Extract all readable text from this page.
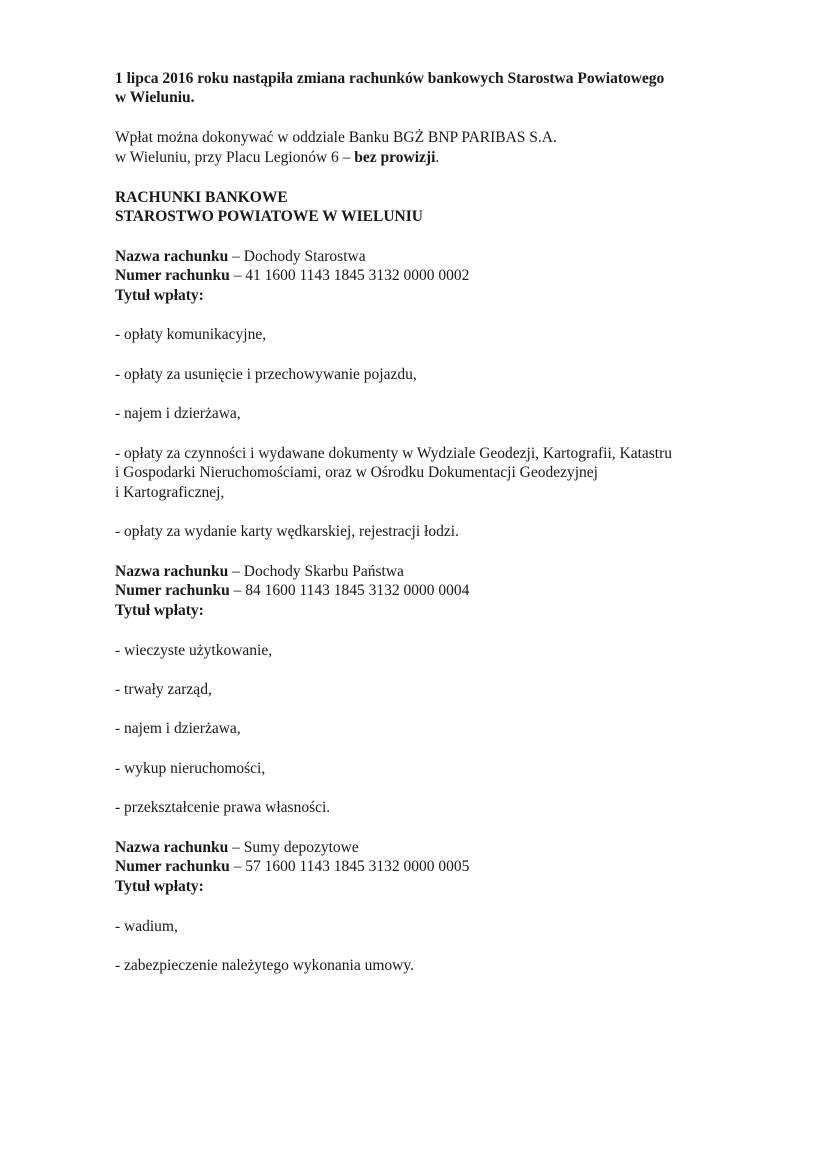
1 lipca 2016 roku nastąpiła zmiana rachunków bankowych Starostwa Powiatowego
w Wieluniu.
Wpłat można dokonywać w oddziale Banku BGŻ BNP PARIBAS S.A.
w Wieluniu, przy Placu Legionów 6 – bez prowizji.
RACHUNKI BANKOWE
STAROSTWO POWIATOWE W WIELUNIU
Nazwa rachunku – Dochody Starostwa
Numer rachunku – 41 1600 1143 1845 3132 0000 0002
Tytuł wpłaty:
- opłaty komunikacyjne,
- opłaty za usunięcie i przechowywanie pojazdu,
- najem i dzierżawa,
- opłaty za czynności i wydawane dokumenty w Wydziale Geodezji, Kartografii, Katastru
i Gospodarki Nieruchomościami, oraz w Ośrodku Dokumentacji Geodezyjnej
i Kartograficznej,
- opłaty za wydanie karty wędkarskiej, rejestracji łodzi.
Nazwa rachunku – Dochody Skarbu Państwa
Numer rachunku – 84 1600 1143 1845 3132 0000 0004
Tytuł wpłaty:
- wieczyste użytkowanie,
- trwały zarząd,
- najem i dzierżawa,
- wykup nieruchomości,
- przekształcenie prawa własności.
Nazwa rachunku – Sumy depozytowe
Numer rachunku – 57 1600 1143 1845 3132 0000 0005
Tytuł wpłaty:
- wadium,
- zabezpieczenie należytego wykonania umowy.
